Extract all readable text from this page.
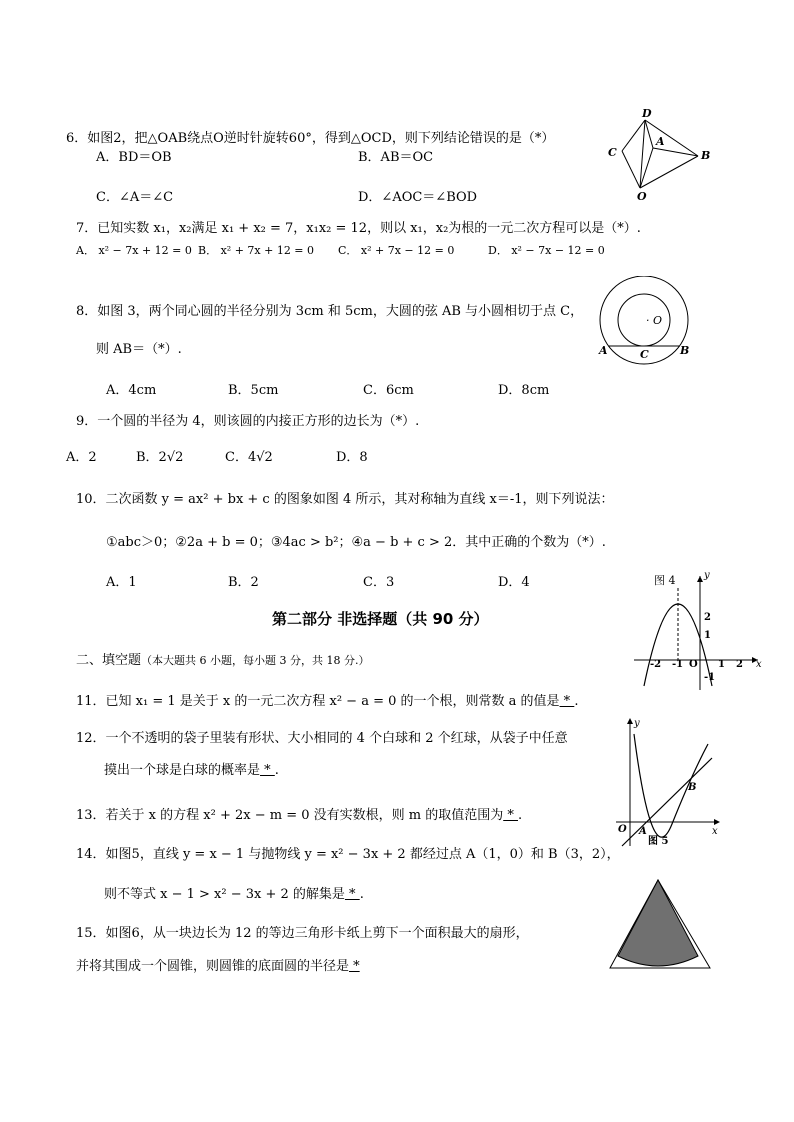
6．如图2，把△OAB绕点O逆时针旋转60°，得到△OCD，则下列结论错误的是（*）
A．BD＝OB	B．AB＝OC
C．∠A＝∠C	D．∠AOC＝∠BOD
D
A
C	B
O
7．已知实数 x₁，x₂满足 x₁ + x₂ = 7，x₁x₂ = 12，则以 x₁，x₂为根的一元二次方程可以是（*）.
A． x² − 7x + 12 = 0 B． x² + 7x + 12 = 0 C． x² + 7x − 12 = 0	D． x² − 7x − 12 = 0
8．如图 3，两个同心圆的半径分别为 3cm 和 5cm，大圆的弦 AB 与小圆相切于点 C，
则 AB＝（*）.
A．4cm	B．5cm	C．6cm	D．8cm
· O
A	C	B
9．一个圆的半径为 4，则该圆的内接正方形的边长为（*）.
A．2	B．2√2	C．4√2	D．8
10．二次函数 y = ax² + bx + c 的图象如图 4 所示，其对称轴为直线 x＝-1，则下列说法：
①abc＞0；②2a + b = 0；③4ac > b²；④a − b + c > 2．其中正确的个数为（*）.
A．1	B．2	C．3	D．4	图 4	y
x
2
1
-2 -1 O 1 2
-1
第二部分 非选择题（共 90 分）
二、填空题（本大题共 6 小题，每小题 3 分，共 18 分.）
11．已知 x₁ = 1 是关于 x 的一元二次方程 x² − a = 0 的一个根，则常数 a 的值是 * .
12．一个不透明的袋子里装有形状、大小相同的 4 个白球和 2 个红球，从袋子中任意
摸出一个球是白球的概率是 * .
13．若关于 x 的方程 x² + 2x − m = 0 没有实数根，则 m 的取值范围为 * .
y
x
O A
B
图 5
14．如图5，直线 y = x − 1 与抛物线 y = x² − 3x + 2 都经过点 A（1，0）和 B（3，2），
则不等式 x − 1 > x² − 3x + 2 的解集是 * .
15．如图6，从一块边长为 12 的等边三角形卡纸上剪下一个面积最大的扇形，
并将其围成一个圆锥，则圆锥的底面圆的半径是 *
